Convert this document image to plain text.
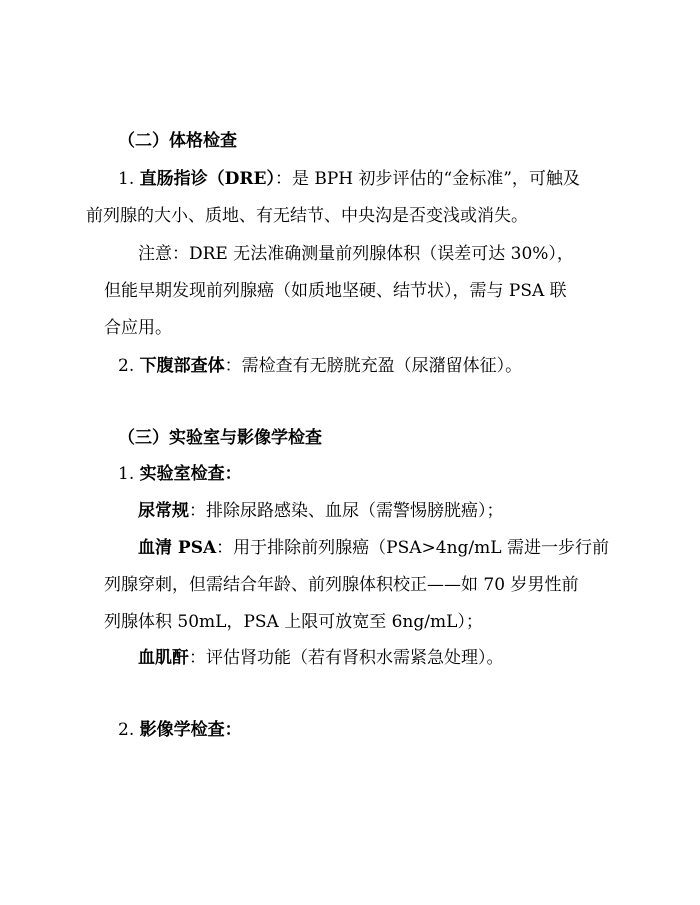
（二）体格检查
1. 直肠指诊（DRE）：是 BPH 初步评估的“金标准”，可触及
前列腺的大小、质地、有无结节、中央沟是否变浅或消失。
注意：DRE 无法准确测量前列腺体积（误差可达 30%），
但能早期发现前列腺癌（如质地坚硬、结节状），需与 PSA 联
合应用。
2. 下腹部查体：需检查有无膀胱充盈（尿潴留体征）。
（三）实验室与影像学检查
1. 实验室检查：
尿常规：排除尿路感染、血尿（需警惕膀胱癌）；
血清 PSA：用于排除前列腺癌（PSA>4ng/mL 需进一步行前
列腺穿刺，但需结合年龄、前列腺体积校正——如 70 岁男性前
列腺体积 50mL，PSA 上限可放宽至 6ng/mL）；
血肌酐：评估肾功能（若有肾积水需紧急处理）。
2. 影像学检查：
